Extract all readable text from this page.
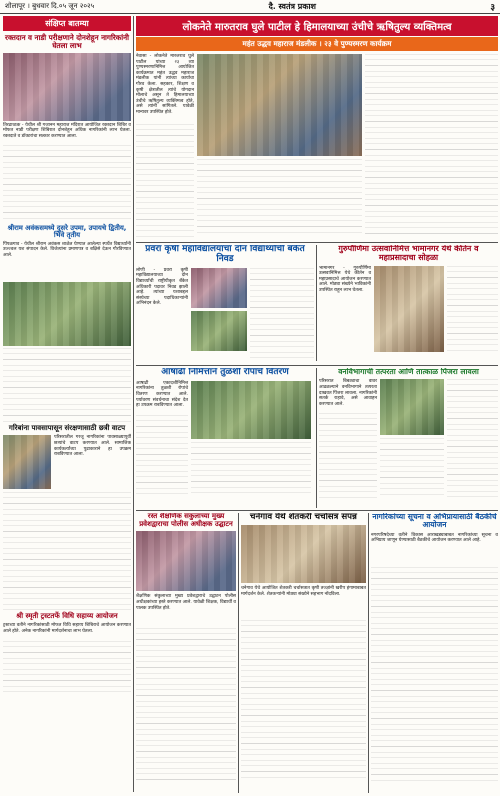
शोलापूर । बुधवार दि.०५ जून २०२५	दै. स्वतंत्र प्रकाश	३
संक्षिप्त बातम्या
रक्तदान व नाडी परीक्षणाने दोनशेहून नागरिकांनी घेतला लाभ
तिरढाव्ठक - येथील श्री गजानन महाराज मंदिरात आयोजित रक्तदान शिबिर व मोफत नाडी परीक्षण शिबिरात दोनशेहून अधिक नागरिकांनी लाभ घेतला. रक्तदाते व डॉक्टरांचा सत्कार करण्यात आला.
श्रीराम अवंकसमध्ये दुसरे उपमा, उपायचे द्वितीय, भिवे तृतीय
पिंपळगाव - येथील श्रीराम अवंकस शाळेत घेण्यात आलेल्या स्पर्धेत विद्यार्थ्यांनी उज्ज्वल यश संपादन केले. विजेत्यांना प्रमाणपत्र व बक्षिसे देऊन गौरविण्यात आले.
गरिबांना पावसापासून संरक्षणासाठी छत्री वाटप
परिसरातील गरजू नागरिकांना पावसाळ्यापूर्वी छत्र्यांचे वाटप करण्यात आले. सामाजिक कार्यकर्त्यांच्या पुढाकाराने हा उपक्रम राबविण्यात आला.
श्री स्मृती ट्रस्टतर्फे विधि सहाय्य आयोजन
ट्रस्टच्या वतीने नागरिकांसाठी मोफत विधि सहाय्य शिबिराचे आयोजन करण्यात आले होते. अनेक नागरिकांनी मार्गदर्शनाचा लाभ घेतला.
लोकनेते मारुतराव घुले पाटील हे हिमालयाच्या उंचीचे ऋषितुल्य व्यक्तिमत्व
महंत उद्धव महाराज मंडलीक । २३ वे पुण्यस्मरण कार्यक्रम
नेवासा - लोकनेते मारुतराव घुले पाटील यांच्या २३ व्या पुण्यस्मरणानिमित्त आयोजित कार्यक्रमात महंत उद्धव महाराज मंडलीक यांनी त्यांच्या कार्याचा गौरव केला. सहकार, शिक्षण व कृषी क्षेत्रातील त्यांचे योगदान मोलाचे असून ते हिमालयाच्या उंचीचे ऋषितुल्य व्यक्तिमत्व होते, असे त्यांनी सांगितले. यावेळी मान्यवर उपस्थित होते.
प्रवरा कृषी महाविद्यालयाचा दोन विद्यार्थ्यांची बँकेत निवड
लोणी - प्रवरा कृषी महाविद्यालयाच्या दोन विद्यार्थ्यांची राष्ट्रीयीकृत बँकेत अधिकारी पदावर निवड झाली आहे. त्यांच्या यशाबद्दल संस्थेच्या पदाधिकाऱ्यांनी अभिनंदन केले.
गुरुपौर्णिमा उत्सवानिमित्त भामानगर येथे कीर्तन व महाप्रसादाचा सोहळा
भामानगर - गुरुपौर्णिमा उत्सवानिमित्त येथे कीर्तन व महाप्रसादाचे आयोजन करण्यात आले. मोठ्या संख्येने भाविकांनी उपस्थित राहून लाभ घेतला.
आषाढी निमित्ताने तुळशी रोपांचे वितरण
आषाढी एकादशीनिमित्त नागरिकांना तुळशी रोपांचे वितरण करण्यात आले. पर्यावरण संवर्धनाचा संदेश देत हा उपक्रम राबविण्यात आला.
वनविभागाची तत्परता आणि तात्काळ पिंजरा लावला
परिसरात बिबट्याचा वावर आढळल्याने वनविभागाने तत्परता दाखवत पिंजरा लावला. नागरिकांनी सतर्क राहावे, असे आवाहन करण्यात आले.
रस्त शैक्षणिक संकुलाच्या मुख्य प्रवेशद्वाराचा पोलीस अधीक्षक उद्घाटन
शैक्षणिक संकुलाच्या मुख्य प्रवेशद्वाराचे उद्घाटन पोलीस अधीक्षकांच्या हस्ते करण्यात आले. यावेळी शिक्षक, विद्यार्थी व पालक उपस्थित होते.
चनेगाव येथे शेतकरी चर्चासत्र संपन्न
चनेगाव येथे आयोजित शेतकरी चर्चासत्रात कृषी तज्ज्ञांनी खरीप हंगामाबाबत मार्गदर्शन केले. शेतकऱ्यांनी मोठ्या संख्येने सहभाग नोंदविला.
नागरिकांच्या सूचना व अभिप्रायासाठी बैठकीचे आयोजन
नगरपरिषदेच्या वतीने विकास आराखड्याबाबत नागरिकांच्या सूचना व अभिप्राय जाणून घेण्यासाठी बैठकीचे आयोजन करण्यात आले आहे.
